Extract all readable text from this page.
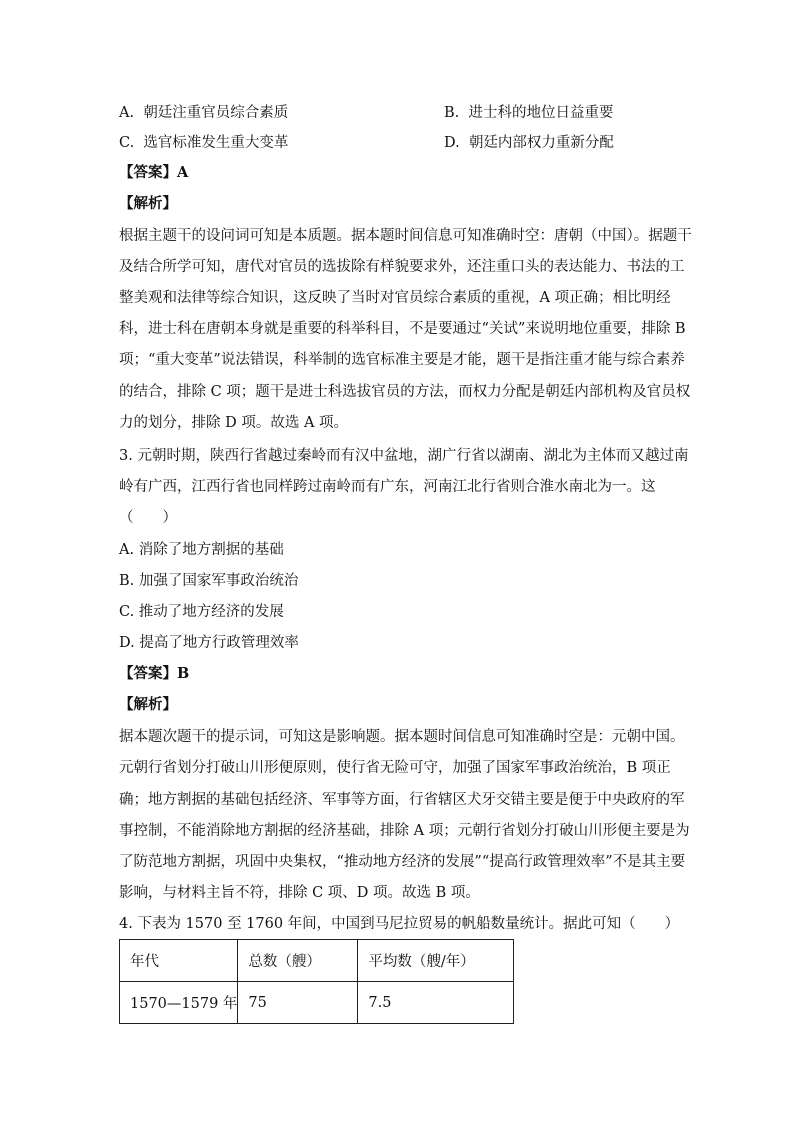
A. 朝廷注重官员综合素质	B. 进士科的地位日益重要
C. 选官标准发生重大变革	D. 朝廷内部权力重新分配
【答案】A
【解析】
根据主题干的设问词可知是本质题。据本题时间信息可知准确时空：唐朝（中国）。据题干
及结合所学可知，唐代对官员的选拔除有样貌要求外，还注重口头的表达能力、书法的工
整美观和法律等综合知识，这反映了当时对官员综合素质的重视，A 项正确；相比明经
科，进士科在唐朝本身就是重要的科举科目，不是要通过“关试”来说明地位重要，排除 B
项；“重大变革”说法错误，科举制的选官标准主要是才能，题干是指注重才能与综合素养
的结合，排除 C 项；题干是进士科选拔官员的方法，而权力分配是朝廷内部机构及官员权
力的划分，排除 D 项。故选 A 项。
3. 元朝时期，陕西行省越过秦岭而有汉中盆地，湖广行省以湖南、湖北为主体而又越过南
岭有广西，江西行省也同样跨过南岭而有广东，河南江北行省则合淮水南北为一。这
（　　）
A. 消除了地方割据的基础
B. 加强了国家军事政治统治
C. 推动了地方经济的发展
D. 提高了地方行政管理效率
【答案】B
【解析】
据本题次题干的提示词，可知这是影响题。据本题时间信息可知准确时空是：元朝中国。
元朝行省划分打破山川形便原则，使行省无险可守，加强了国家军事政治统治，B 项正
确；地方割据的基础包括经济、军事等方面，行省辖区犬牙交错主要是便于中央政府的军
事控制，不能消除地方割据的经济基础，排除 A 项；元朝行省划分打破山川形便主要是为
了防范地方割据，巩固中央集权，“推动地方经济的发展”“提高行政管理效率”不是其主要
影响，与材料主旨不符，排除 C 项、D 项。故选 B 项。
4. 下表为 1570 至 1760 年间，中国到马尼拉贸易的帆船数量统计。据此可知（　　）
年代	总数（艘）	平均数（艘/年）
1570—1579 年	75	7.5
